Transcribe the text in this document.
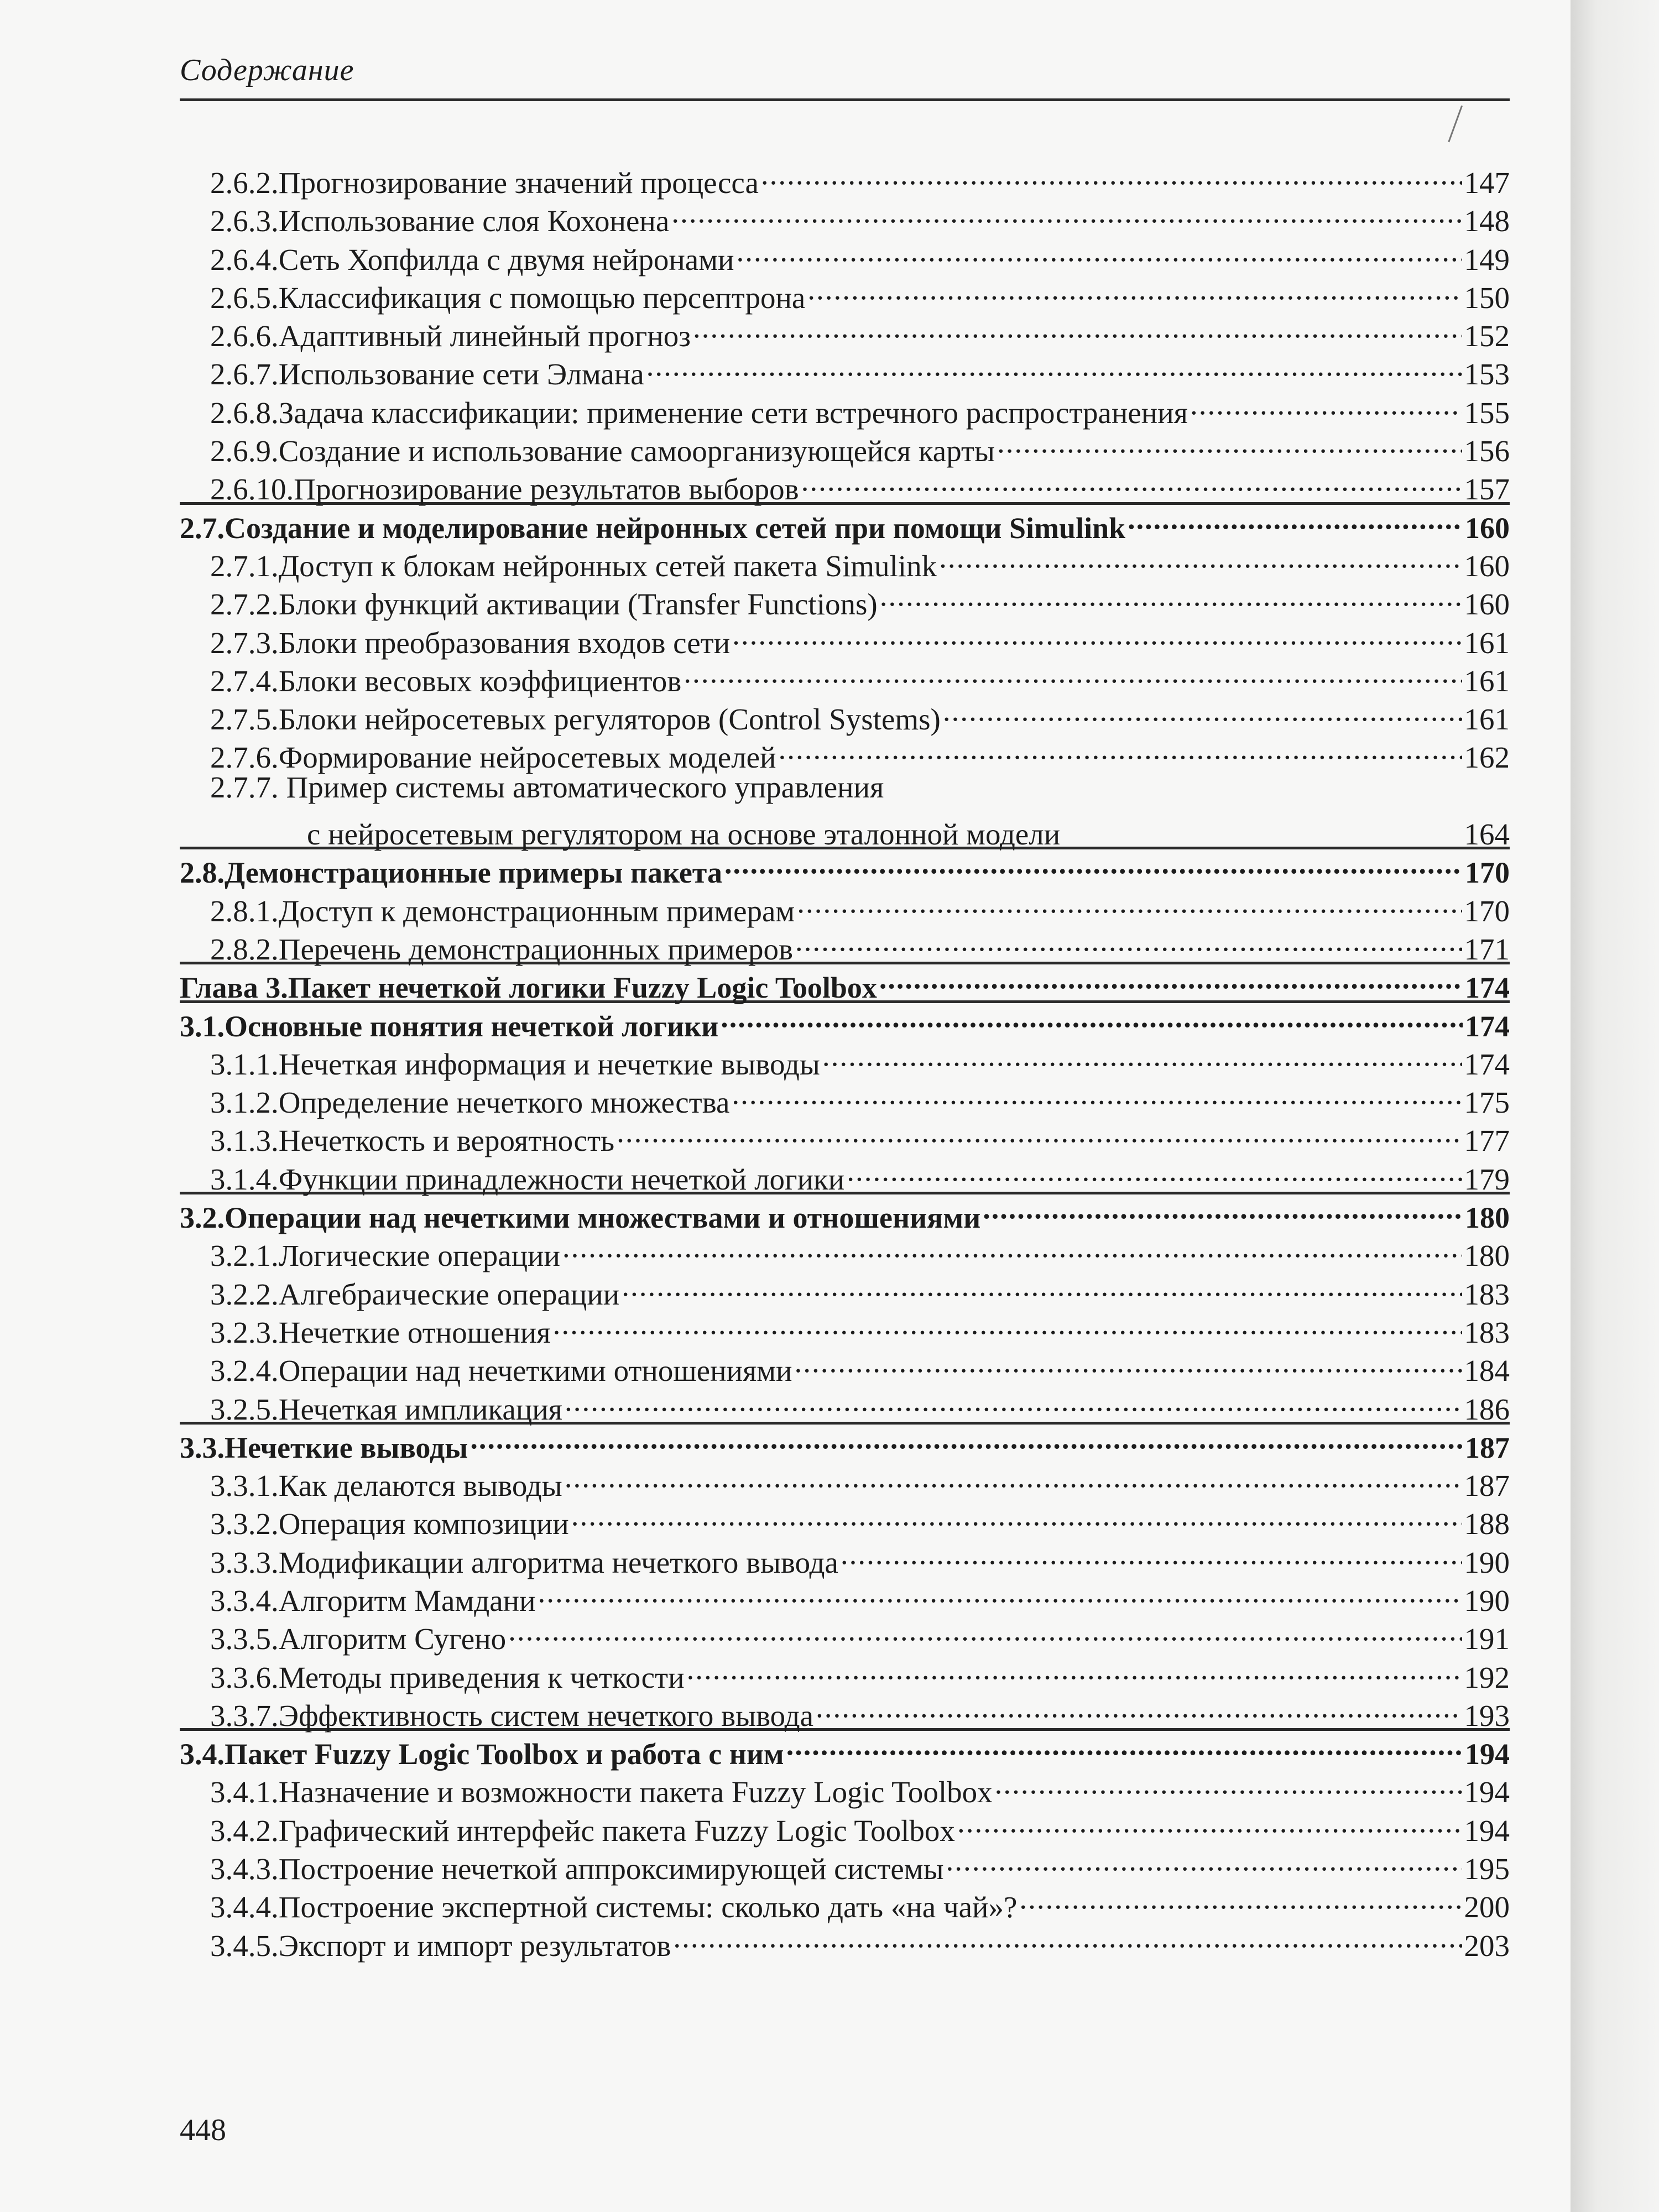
Содержание
2.6.2. Прогнозирование значений процесса .....	147
2.6.3. Использование слоя Кохонена .....	148
2.6.4. Сеть Хопфилда с двумя нейронами .....	149
2.6.5. Классификация с помощью персептрона .....	150
2.6.6. Адаптивный линейный прогноз .....	152
2.6.7. Использование сети Элмана .....	153
2.6.8. Задача классификации: применение сети встречного распространения .....	155
2.6.9. Создание и использование самоорганизующейся карты .....	156
2.6.10. Прогнозирование результатов выборов .....	157
2.7. Создание и моделирование нейронных сетей при помощи Simulink .....	160
2.7.1. Доступ к блокам нейронных сетей пакета Simulink .....	160
2.7.2. Блоки функций активации (Transfer Functions) .....	160
2.7.3. Блоки преобразования входов сети .....	161
2.7.4. Блоки весовых коэффициентов .....	161
2.7.5. Блоки нейросетевых регуляторов (Control Systems) .....	161
2.7.6. Формирование нейросетевых моделей .....	162
2.7.7. Пример системы автоматического управления
с нейросетевым регулятором на основе эталонной модели	164
2.8. Демонстрационные примеры пакета .....	170
2.8.1. Доступ к демонстрационным примерам .....	170
2.8.2. Перечень демонстрационных примеров .....	171
Глава 3. Пакет нечеткой логики Fuzzy Logic Toolbox .....	174
3.1. Основные понятия нечеткой логики .....	174
3.1.1. Нечеткая информация и нечеткие выводы .....	174
3.1.2. Определение нечеткого множества .....	175
3.1.3. Нечеткость и вероятность .....	177
3.1.4. Функции принадлежности нечеткой логики .....	179
3.2. Операции над нечеткими множествами и отношениями .....	180
3.2.1. Логические операции .....	180
3.2.2. Алгебраические операции .....	183
3.2.3. Нечеткие отношения .....	183
3.2.4. Операции над нечеткими отношениями .....	184
3.2.5. Нечеткая импликация .....	186
3.3. Нечеткие выводы .....	187
3.3.1. Как делаются выводы .....	187
3.3.2. Операция композиции .....	188
3.3.3. Модификации алгоритма нечеткого вывода .....	190
3.3.4. Алгоритм Мамдани .....	190
3.3.5. Алгоритм Сугено .....	191
3.3.6. Методы приведения к четкости .....	192
3.3.7. Эффективность систем нечеткого вывода .....	193
3.4. Пакет Fuzzy Logic Toolbox и работа с ним .....	194
3.4.1. Назначение и возможности пакета Fuzzy Logic Toolbox .....	194
3.4.2. Графический интерфейс пакета Fuzzy Logic Toolbox .....	194
3.4.3. Построение нечеткой аппроксимирующей системы .....	195
3.4.4. Построение экспертной системы: сколько дать «на чай»? .....	200
3.4.5. Экспорт и импорт результатов .....	203
448
